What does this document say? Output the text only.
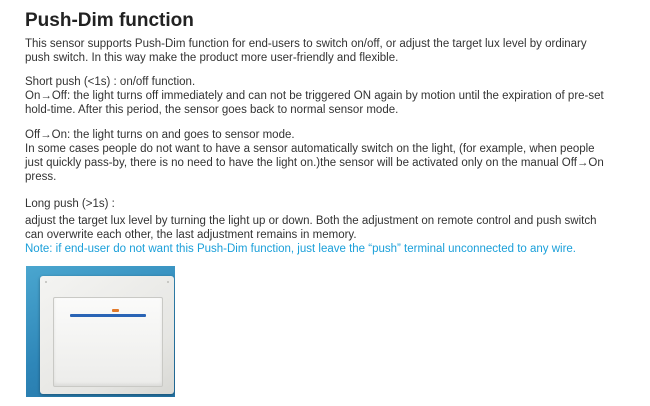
Push-Dim function
This sensor supports Push-Dim function for end-users to switch on/off, or adjust the target lux level by ordinary
push switch. In this way make the product more user-friendly and flexible.
Short push (<1s) : on/off function.
On→Off: the light turns off immediately and can not be triggered ON again by motion until the expiration of pre-set
hold-time. After this period, the sensor goes back to normal sensor mode.
Off→On: the light turns on and goes to sensor mode.
In some cases people do not want to have a sensor automatically switch on the light, (for example, when people
just quickly pass-by, there is no need to have the light on.)the sensor will be activated only on the manual Off→On
press.
Long push (>1s) :
adjust the target lux level by turning the light up or down. Both the adjustment on remote control and push switch
can overwrite each other, the last adjustment remains in memory.
Note: if end-user do not want this Push-Dim function, just leave the “push” terminal unconnected to any wire.
